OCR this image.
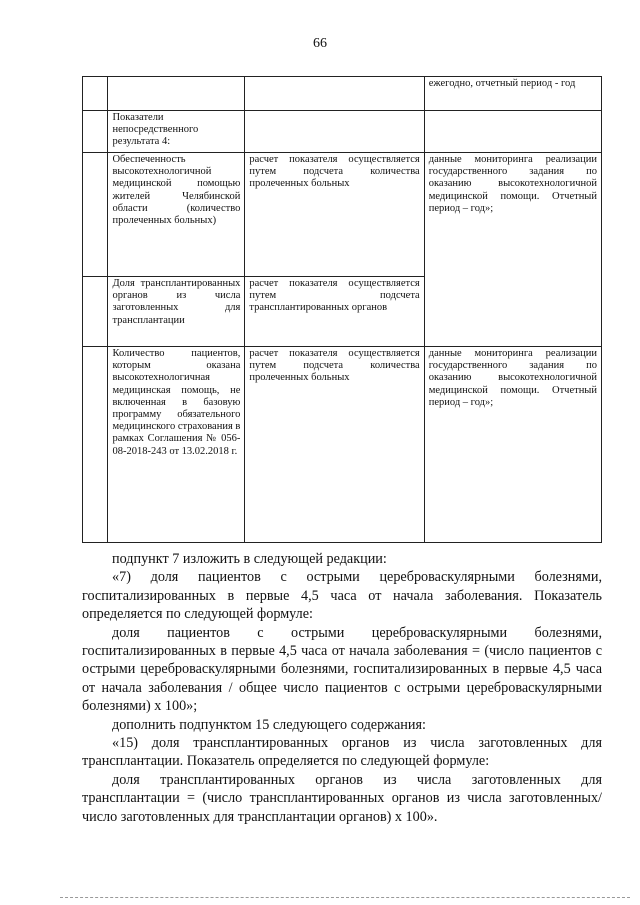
66
			ежегодно, отчетный период - год
	Показатели непосредственного результата 4:		
	Обеспеченность высокотехнологичной медицинской помощью жителей Челябинской области (количество пролеченных больных)	расчет показателя осуществляется путем подсчета количества пролеченных больных	данные мониторинга реализации государственного задания по оказанию высокотехнологичной медицинской помощи. Отчетный период – год»;
	Доля трансплантированных органов из числа заготовленных для трансплантации	расчет показателя осуществляется путем подсчета трансплантированных органов	
	Количество пациентов, которым оказана высокотехнологичная медицинская помощь, не включенная в базовую программу обязательного медицинского страхования в рамках Соглашения № 056-08-2018-243 от 13.02.2018 г.	расчет показателя осуществляется путем подсчета количества пролеченных больных	данные мониторинга реализации государственного задания по оказанию высокотехнологичной медицинской помощи. Отчетный период – год»;

подпункт 7 изложить в следующей редакции:

«7) доля пациентов с острыми цереброваскулярными болезнями, госпитализированных в первые 4,5 часа от начала заболевания. Показатель определяется по следующей формуле:

доля пациентов с острыми цереброваскулярными болезнями, госпитализированных в первые 4,5 часа от начала заболевания = (число пациентов с острыми цереброваскулярными болезнями, госпитализированных в первые 4,5 часа от начала заболевания / общее число пациентов с острыми цереброваскулярными болезнями) х 100»;

дополнить подпунктом 15 следующего содержания:

«15) доля трансплантированных органов из числа заготовленных для трансплантации. Показатель определяется по следующей формуле:

доля трансплантированных органов из числа заготовленных для трансплантации = (число трансплантированных органов из числа заготовленных/число заготовленных для трансплантации органов) х 100».
